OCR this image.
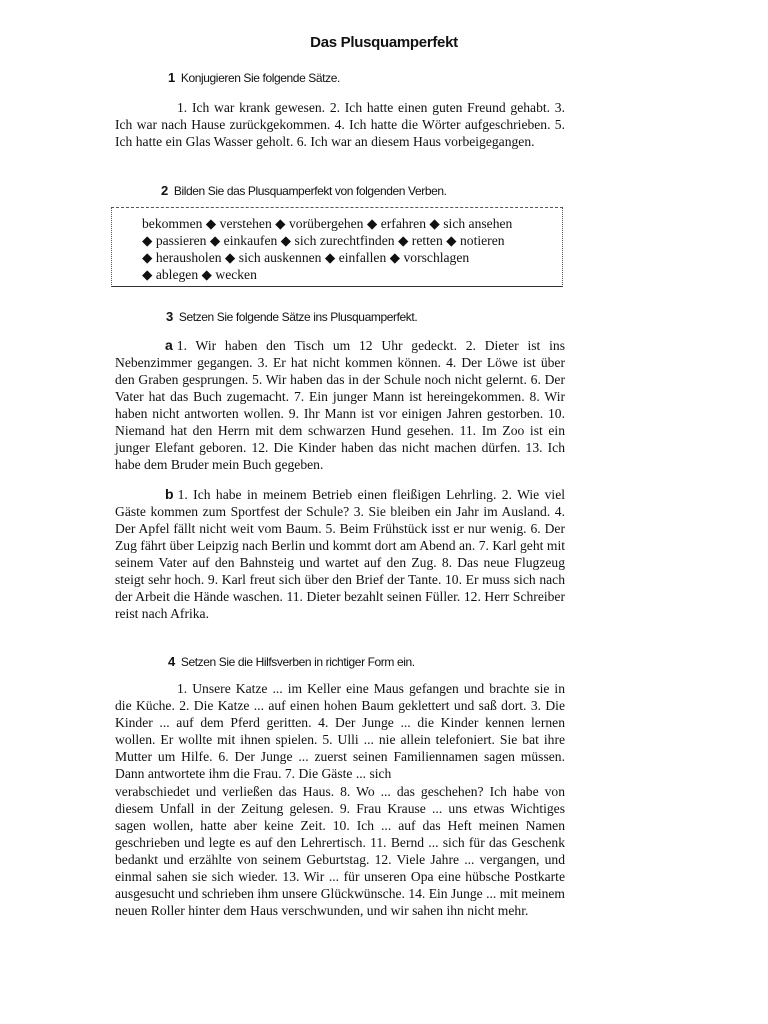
Das Plusquamperfekt
1 Konjugieren Sie folgende Sätze.
1. Ich war krank gewesen. 2. Ich hatte einen guten Freund gehabt. 3. Ich war nach Hause zurückgekommen. 4. Ich hatte die Wörter aufgeschrieben. 5. Ich hatte ein Glas Wasser geholt. 6. Ich war an diesem Haus vorbeigegangen.
2 Bilden Sie das Plusquamperfekt von folgenden Verben.
bekommen ◆ verstehen ◆ vorübergehen ◆ erfahren ◆ sich ansehen
◆ passieren ◆ einkaufen ◆ sich zurechtfinden ◆ retten ◆ notieren
◆ herausholen ◆ sich auskennen ◆ einfallen ◆ vorschlagen
◆ ablegen ◆ wecken
3 Setzen Sie folgende Sätze ins Plusquamperfekt.
a 1. Wir haben den Tisch um 12 Uhr gedeckt. 2. Dieter ist ins Nebenzimmer gegangen. 3. Er hat nicht kommen können. 4. Der Löwe ist über den Graben gesprungen. 5. Wir haben das in der Schule noch nicht gelernt. 6. Der Vater hat das Buch zugemacht. 7. Ein junger Mann ist hereingekommen. 8. Wir haben nicht antworten wollen. 9. Ihr Mann ist vor einigen Jahren gestorben. 10. Niemand hat den Herrn mit dem schwarzen Hund gesehen. 11. Im Zoo ist ein junger Elefant geboren. 12. Die Kinder haben das nicht machen dürfen. 13. Ich habe dem Bruder mein Buch gegeben.
b 1. Ich habe in meinem Betrieb einen fleißigen Lehrling. 2. Wie viel Gäste kommen zum Sportfest der Schule? 3. Sie bleiben ein Jahr im Ausland. 4. Der Apfel fällt nicht weit vom Baum. 5. Beim Frühstück isst er nur wenig. 6. Der Zug fährt über Leipzig nach Berlin und kommt dort am Abend an. 7. Karl geht mit seinem Vater auf den Bahnsteig und wartet auf den Zug. 8. Das neue Flugzeug steigt sehr hoch. 9. Karl freut sich über den Brief der Tante. 10. Er muss sich nach der Arbeit die Hände waschen. 11. Dieter bezahlt seinen Füller. 12. Herr Schreiber reist nach Afrika.
4 Setzen Sie die Hilfsverben in richtiger Form ein.
1. Unsere Katze ... im Keller eine Maus gefangen und brachte sie in die Küche. 2. Die Katze ... auf einen hohen Baum geklettert und saß dort. 3. Die Kinder ... auf dem Pferd geritten. 4. Der Junge ... die Kinder kennen lernen wollen. Er wollte mit ihnen spielen. 5. Ulli ... nie allein telefoniert. Sie bat ihre Mutter um Hilfe. 6. Der Junge ... zuerst seinen Familiennamen sagen müssen. Dann antwortete ihm die Frau. 7. Die Gäste ... sich
verabschiedet und verließen das Haus. 8. Wo ... das geschehen? Ich habe von diesem Unfall in der Zeitung gelesen. 9. Frau Krause ... uns etwas Wichtiges sagen wollen, hatte aber keine Zeit. 10. Ich ... auf das Heft meinen Namen geschrieben und legte es auf den Lehrertisch. 11. Bernd ... sich für das Geschenk bedankt und erzählte von seinem Geburtstag. 12. Viele Jahre ... vergangen, und einmal sahen sie sich wieder. 13. Wir ... für unseren Opa eine hübsche Postkarte ausgesucht und schrieben ihm unsere Glückwünsche. 14. Ein Junge ... mit meinem neuen Roller hinter dem Haus verschwunden, und wir sahen ihn nicht mehr.
